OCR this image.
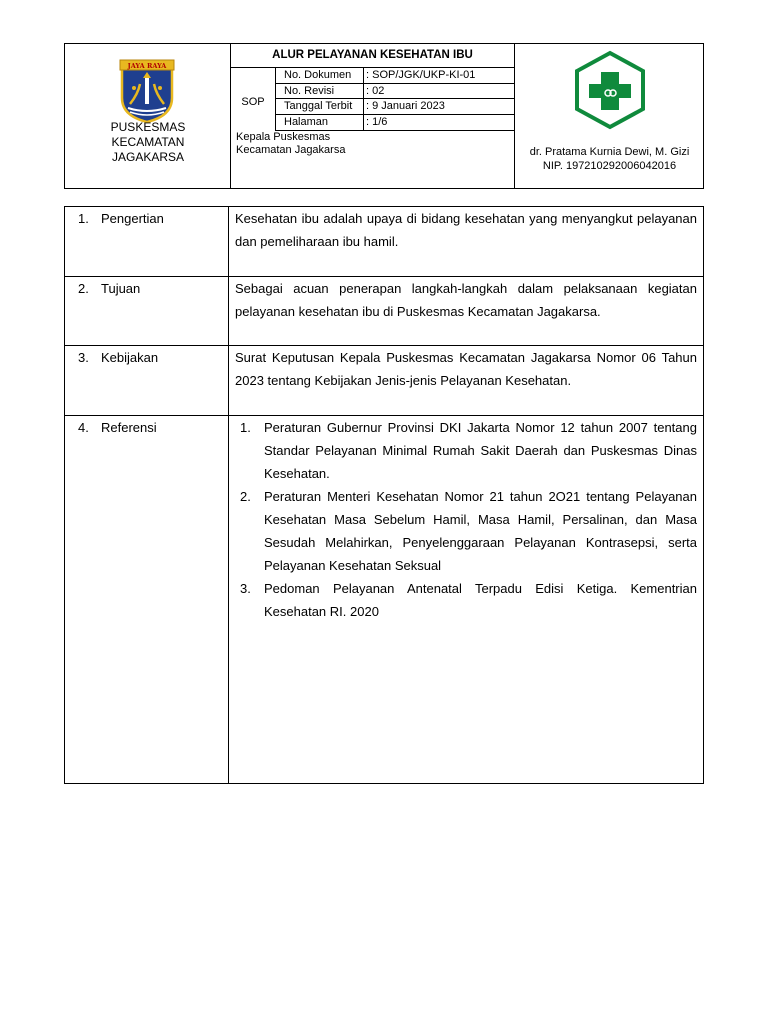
JAYA RAYA
PUSKESMAS
KECAMATAN
JAGAKARSA
ALUR PELAYANAN KESEHATAN IBU
SOP
No. Dokumen	: SOP/JGK/UKP-KI-01
No. Revisi	: 02
Tanggal Terbit	: 9 Januari 2023
Halaman	: 1/6
Kepala Puskesmas
Kecamatan Jagakarsa	dr. Pratama Kurnia Dewi, M. Gizi
NIP. 197210292006042016
1. Pengertian	Kesehatan ibu adalah upaya di bidang kesehatan yang menyangkut pelayanan dan pemeliharaan ibu hamil.
2. Tujuan	Sebagai acuan penerapan langkah-langkah dalam pelaksanaan kegiatan pelayanan kesehatan ibu di Puskesmas Kecamatan Jagakarsa.
3. Kebijakan	Surat Keputusan Kepala Puskesmas Kecamatan Jagakarsa Nomor 06 Tahun 2023 tentang Kebijakan Jenis-jenis Pelayanan Kesehatan.
4. Referensi	1. Peraturan Gubernur Provinsi DKI Jakarta Nomor 12 tahun 2007 tentang Standar Pelayanan Minimal Rumah Sakit Daerah dan Puskesmas Dinas Kesehatan.
2. Peraturan Menteri Kesehatan Nomor 21 tahun 2O21 tentang Pelayanan Kesehatan Masa Sebelum Hamil, Masa Hamil, Persalinan, dan Masa Sesudah Melahirkan, Penyelenggaraan Pelayanan Kontrasepsi, serta Pelayanan Kesehatan Seksual
3. Pedoman Pelayanan Antenatal Terpadu Edisi Ketiga. Kementrian Kesehatan RI. 2020
